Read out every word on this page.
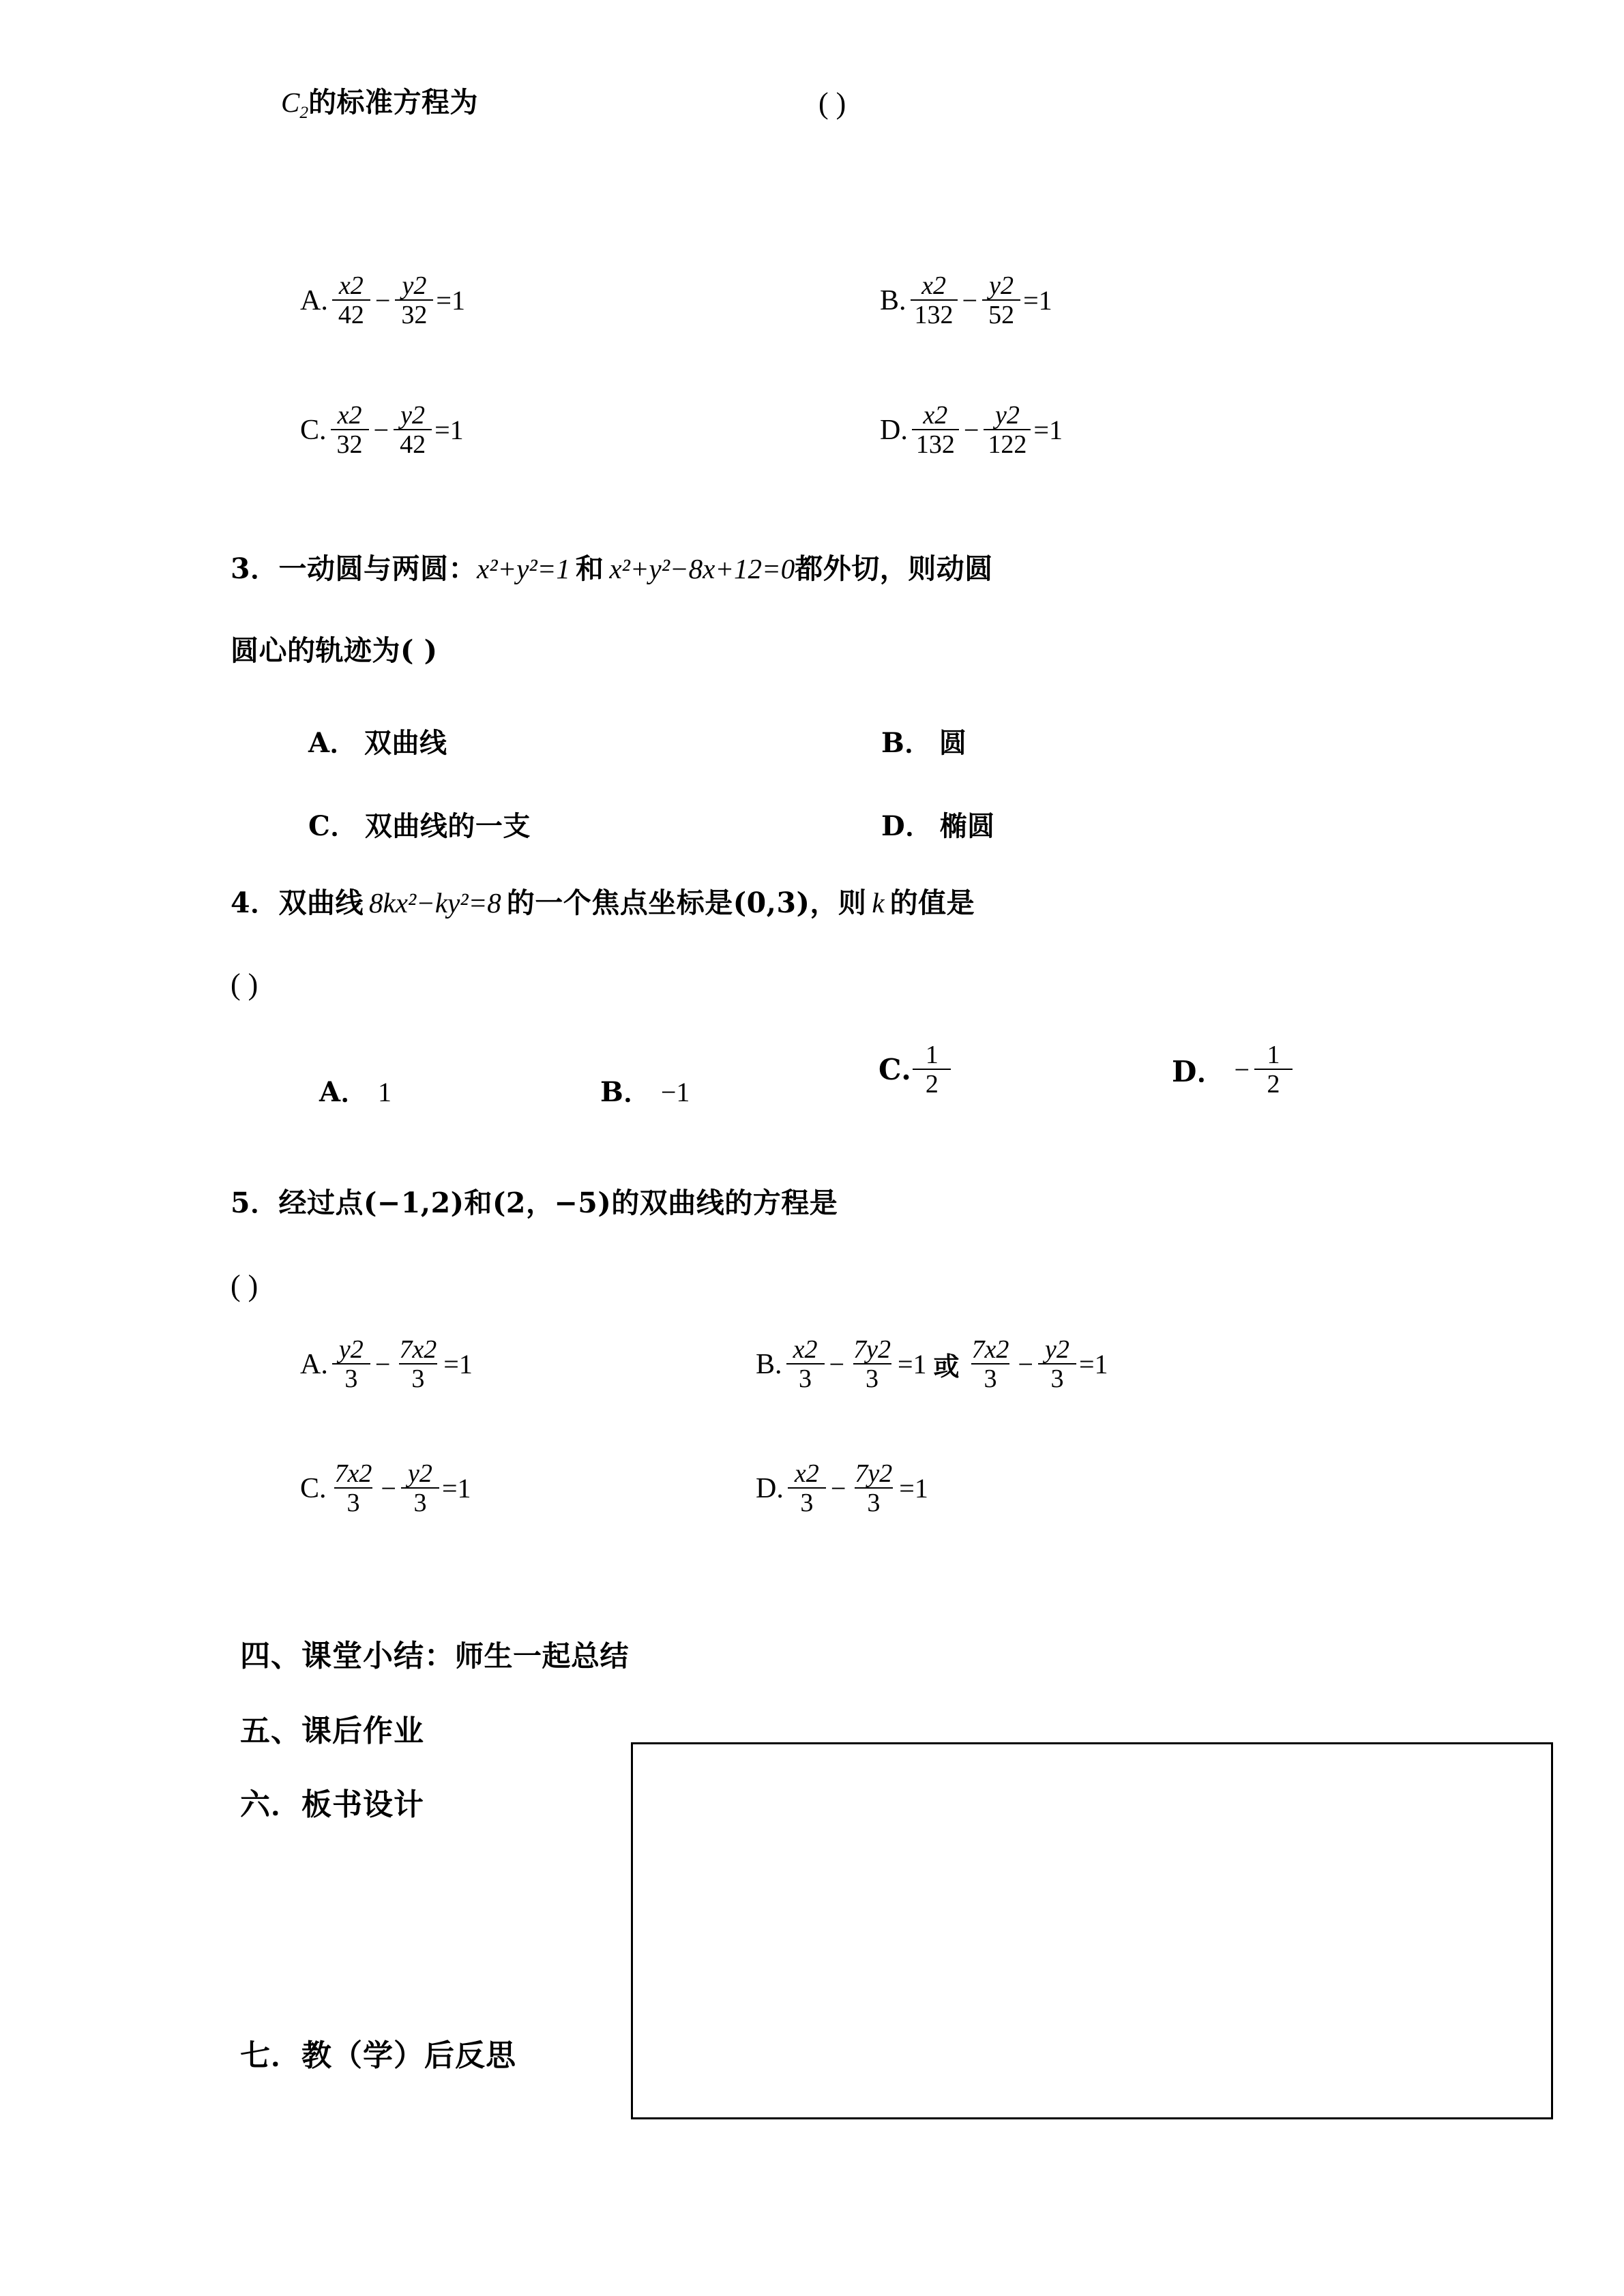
$C_2$的标准方程为	( )
A. $\frac{x2}{42} - \frac{y2}{32} =1$	B. $\frac{x2}{132} - \frac{y2}{52} =1$
C. $\frac{x2}{32} - \frac{y2}{42} =1$	D. $\frac{x2}{132} - \frac{y2}{122} =1$
3．一动圆与两圆：x²+y²=1 和 x²+y²−8x+12=0都外切，则动圆
圆心的轨迹为( )
A． 双曲线	B． 圆
C． 双曲线的一支	D． 椭圆
4．双曲线 8kx²−ky²=8 的一个焦点坐标是(0,3)，则 k 的值是
( )
A． 1	B． −1
C. $\frac{1}{2}$	D． − $\frac{1}{2}$
5．经过点(−1,2)和(2，−5)的双曲线的方程是
( )
A. $\frac{y2}{3} - \frac{7x2}{3} =1$	B. $\frac{x2}{3} - \frac{7y2}{3} =1$ 或 $\frac{7x2}{3} - \frac{y2}{3} =1$
C. $\frac{7x2}{3} - \frac{y2}{3} =1$	D. $\frac{x2}{3} - \frac{7y2}{3} =1$
四、课堂小结：师生一起总结
五、课后作业
六．板书设计
七．教（学）后反思
